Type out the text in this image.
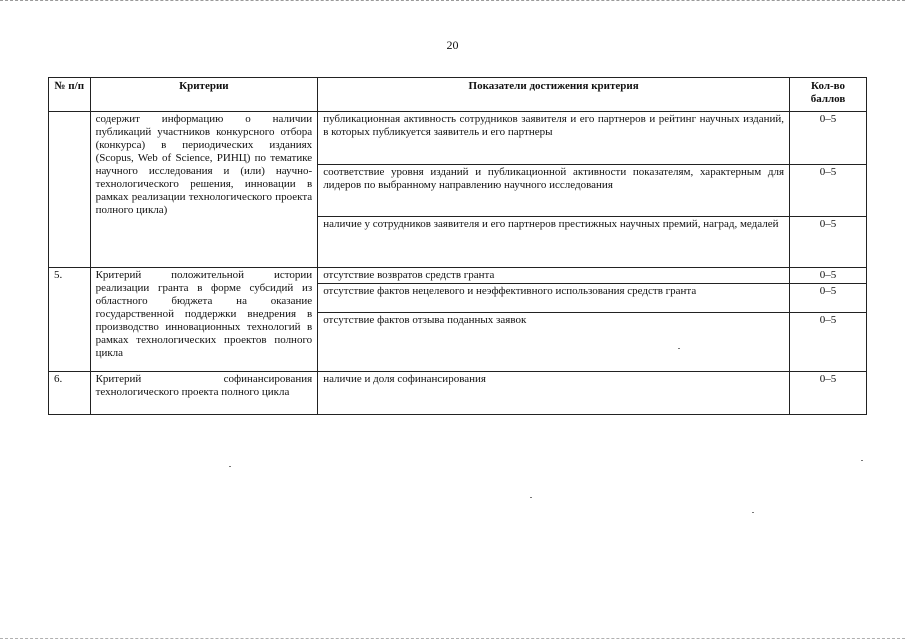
20
№ п/п	Критерии	Показатели достижения критерия	Кол-во баллов
	содержит информацию о наличии публикаций участников конкурсного отбора (конкурса) в периодических изданиях (Scopus, Web of Science, РИНЦ) по тематике научного исследования и (или) научно-технологического решения, инновации в рамках реализации технологического проекта полного цикла)	публикационная активность сотрудников заявителя и его партнеров и рейтинг научных изданий, в которых публикуется заявитель и его партнеры	0–5
		соответствие уровня изданий и публикационной активности показателям, характерным для лидеров по выбранному направлению научного исследования	0–5
		наличие у сотрудников заявителя и его партнеров престижных научных премий, наград, медалей	0–5
5.	Критерий положительной истории реализации гранта в форме субсидий из областного бюджета на оказание государственной поддержки внедрения в производство инновационных технологий в рамках технологических проектов полного цикла	отсутствие возвратов средств гранта	0–5
		отсутствие фактов нецелевого и неэффективного использования средств гранта	0–5
		отсутствие фактов отзыва поданных заявок	0–5
6.	Критерий софинансирования технологического проекта полного цикла	наличие и доля софинансирования	0–5
